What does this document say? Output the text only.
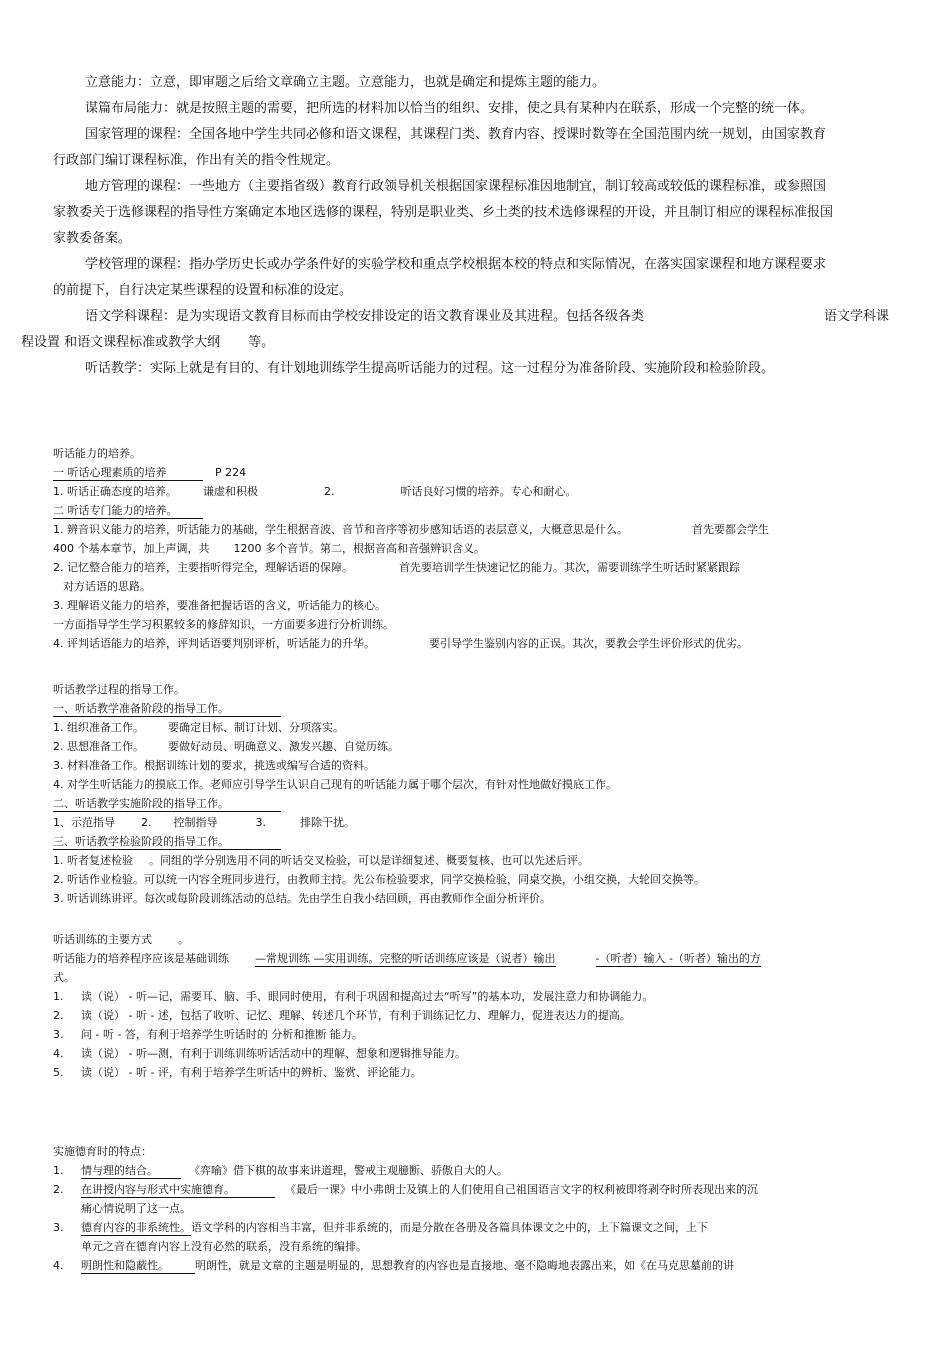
立意能力：立意，即审题之后给文章确立主题。立意能力，也就是确定和提炼主题的能力。

谋篇布局能力：就是按照主题的需要，把所选的材料加以恰当的组织、安排，使之具有某种内在联系，形成一个完整的统一体。

国家管理的课程：全国各地中学生共同必修和语文课程，其课程门类、教育内容、授课时数等在全国范围内统一规划，由国家教育行政部门编订课程标准，作出有关的指令性规定。

地方管理的课程：一些地方（主要指省级）教育行政领导机关根据国家课程标准因地制宜，制订较高或较低的课程标准，或参照国家教委关于选修课程的指导性方案确定本地区选修的课程，特别是职业类、乡土类的技术选修课程的开设，并且制订相应的课程标准报国家教委备案。

学校管理的课程：指办学历史长或办学条件好的实验学校和重点学校根据本校的特点和实际情况，在落实国家课程和地方课程要求的前提下，自行决定某些课程的设置和标准的设定。

语文学科课程：是为实现语文教育目标而由学校安排设定的语文教育课业及其进程。包括各级各类	语文学科课

程设置 和语文课程标准或教学大纲 等。

听话教学：实际上就是有目的、有计划地训练学生提高听话能力的过程。这一过程分为准备阶段、实施阶段和检验阶段。

听话能力的培养。
一 听话心理素质的培养	P 224
1. 听话正确态度的培养。 谦虚和积极	2.	听话良好习惯的培养。专心和耐心。
二 听话专门能力的培养。
1. 辨音识义能力的培养，听话能力的基础，学生根据音波、音节和音序等初步感知话语的表层意义，大概意思是什么。	首先要都会学生
400 个基本章节，加上声调，共 1200 多个音节。第二，根据音高和音强辨识含义。
2. 记忆整合能力的培养，主要指听得完全，理解话语的保障。	首先要培训学生快速记忆的能力。其次，需要训练学生听话时紧紧跟踪
对方话语的思路。
3. 理解语义能力的培养，要准备把握话语的含义，听话能力的核心。
一方面指导学生学习积累较多的修辞知识，一方面要多进行分析训练。
4. 评判话语能力的培养，评判话语要判别评析，听话能力的升华。	要引导学生鉴别内容的正误。其次，要教会学生评价形式的优劣。
听话教学过程的指导工作。
一、听话教学准备阶段的指导工作。
1. 组织准备工作。 要确定目标、制订计划、分项落实。
2. 思想准备工作。 要做好动员、明确意义、激发兴趣、自觉历练。
3. 材料准备工作。根据训练计划的要求，挑选或编写合适的资料。
4. 对学生听话能力的摸底工作。老师应引导学生认识自己现有的听话能力属于哪个层次，有针对性地做好摸底工作。
二、听话教学实施阶段的指导工作。
1、示范指导 2. 控制指导	3.	排除干扰。
三、听话教学检验阶段的指导工作。
1. 听者复述检验 。同组的学分别选用不同的听话交叉检验，可以是详细复述、概要复核、也可以先述后评。
2. 听话作业检验。可以统一内容全班同步进行，由教师主持。先公布检验要求，同学交换检验，同桌交换，小组交换，大轮回交换等。
3. 听话训练讲评。每次或每阶段训练活动的总结。先由学生自我小结回顾，再由教师作全面分析评价。
听话训练的主要方式 。
听话能力的培养程序应该是基础训练 —常规训练 —实用训练。完整的听话训练应该是（说者）输出	-（听者）输入 -（听者）输出的方
式。
1. 读（说） - 听—记，需要耳、脑、手、眼同时使用，有利于巩固和提高过去“听写”的基本功，发展注意力和协调能力。
2. 读（说） - 听 - 述，包括了收听、记忆、理解、转述几个环节，有利于训练记忆力、理解力，促进表达力的提高。
3. 问 - 听 - 答，有利于培养学生听话时的 分析和推断 能力。
4. 读（说） - 听—测，有利于训练训练听话活动中的理解、想象和逻辑推导能力。
5. 读（说） - 听 - 评，有利于培养学生听话中的辨析、鉴赏、评论能力。
实施德育时的特点：
1. 情与理的结合。	《弈喻》借下棋的故事来讲道理，警戒主观臆断、骄傲自大的人。
2. 在讲授内容与形式中实施德育。	《最后一课》中小弗朗士及镇上的人们使用自己祖国语言文字的权利被即将剥夺时所表现出来的沉
痛心情说明了这一点。
3. 德育内容的非系统性。语文学科的内容相当丰富，但并非系统的，而是分散在各册及各篇具体课文之中的，上下篇课文之间，上下
单元之音在德育内容上没有必然的联系，没有系统的编排。
4. 明朗性和隐蔽性。 明朗性，就是文章的主题是明显的，思想教育的内容也是直接地、毫不隐晦地表露出来，如《在马克思墓前的讲
